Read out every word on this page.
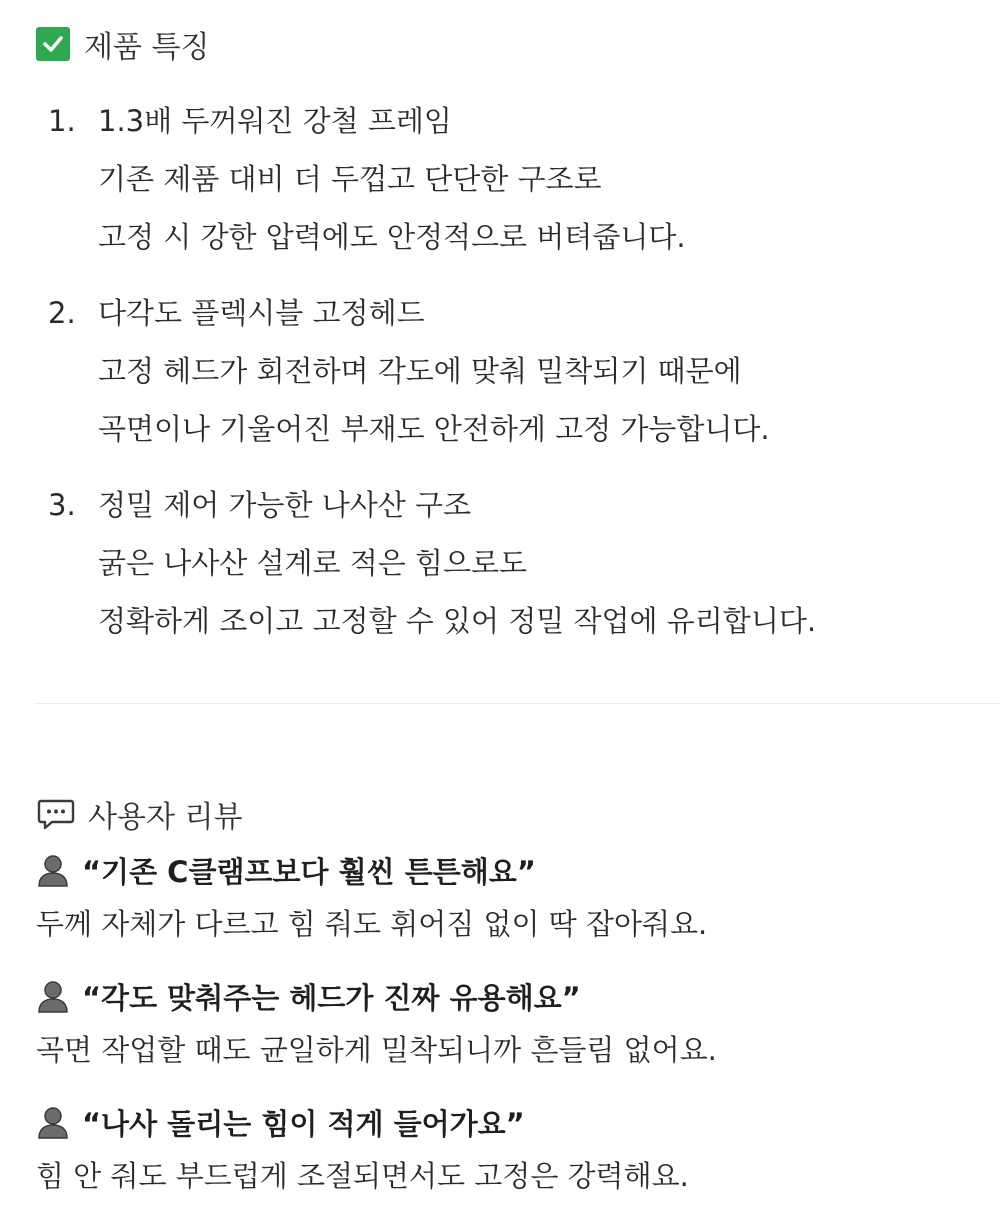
제품 특징
1. 1.3배 두꺼워진 강철 프레임
기존 제품 대비 더 두껍고 단단한 구조로
고정 시 강한 압력에도 안정적으로 버텨줍니다.
2. 다각도 플렉시블 고정헤드
고정 헤드가 회전하며 각도에 맞춰 밀착되기 때문에
곡면이나 기울어진 부재도 안전하게 고정 가능합니다.
3. 정밀 제어 가능한 나사산 구조
굵은 나사산 설계로 적은 힘으로도
정확하게 조이고 고정할 수 있어 정밀 작업에 유리합니다.
사용자 리뷰
“기존 C클램프보다 훨씬 튼튼해요”
두께 자체가 다르고 힘 줘도 휘어짐 없이 딱 잡아줘요.
“각도 맞춰주는 헤드가 진짜 유용해요”
곡면 작업할 때도 균일하게 밀착되니까 흔들림 없어요.
“나사 돌리는 힘이 적게 들어가요”
힘 안 줘도 부드럽게 조절되면서도 고정은 강력해요.
